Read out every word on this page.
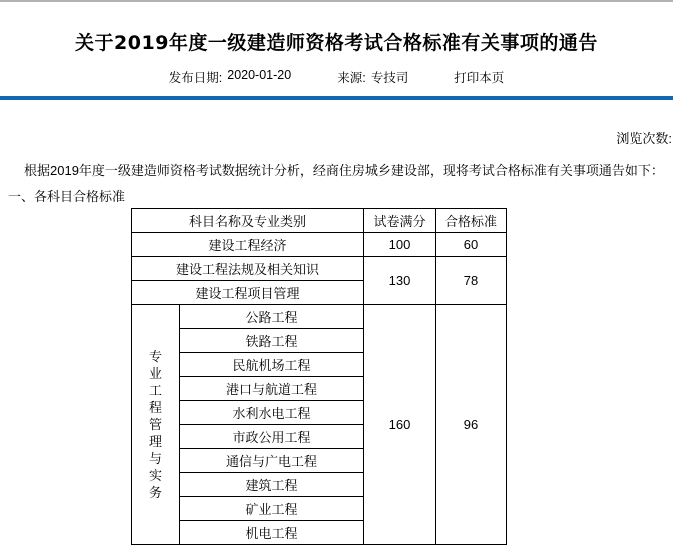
关于2019年度一级建造师资格考试合格标准有关事项的通告
发布日期: 2020-01-20	来源: 专技司	打印本页
浏览次数:

根据2019年度一级建造师资格考试数据统计分析，经商住房城乡建设部，现将考试合格标准有关事项通告如下：

一、各科目合格标准
科目名称及专业类别		试卷满分	合格标准
建设工程经济		100	60
建设工程法规及相关知识		130	78
建设工程项目管理			

专业工程管理与实务	公路工程	160	96
	铁路工程		
	民航机场工程		
	港口与航道工程		
	水利水电工程		
	市政公用工程		
	通信与广电工程		
	建筑工程		
	矿业工程		
	机电工程		
